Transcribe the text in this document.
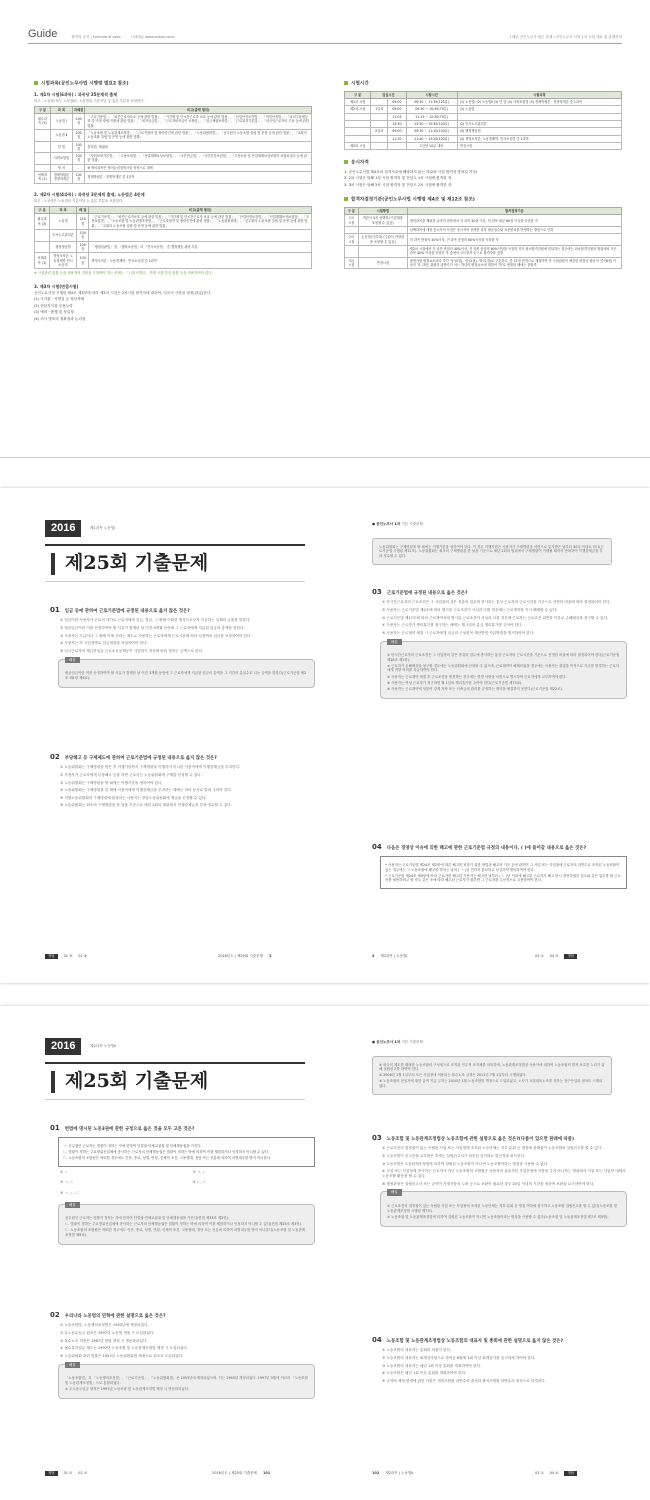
Guide	합격의 공식 | Formula of pass	시대에듀 www.sdedu.co.kr	I 매년 공인노무사 최근 출제 I 공인노무사 시험 1차 시험 개요 및 출제경향
시험과목(공인노무사법 시행령 별표2 참조)
1. 제1차 시험(6과목) : 과목당 25문제씩 출제
비고 : 노동법Ⅰ 또는 노동법Ⅱ는 노동법의 기본이념 등 총론 부분을 포함한다.
구 분	과 목	과배점	비고(출제 범위)
필수과목 (5)	노동법 Ⅰ	100점	「근로기준법」, 「파견근로자보호 등에 관한 법률」, 「기간제 및 단시간근로자 보호 등에 관한 법률」, 「산업안전보건법」, 「직업안정법」, 「남녀고용평등과 일·가정 양립 지원에 관한 법률」, 「최저임금법」, 「근로자퇴직급여 보장법」, 「임금채권보장법」, 「근로복지기본법」, 「외국인근로자의 고용 등에 관한 법률」
	노동법 Ⅱ	100점	「노동조합 및 노동관계조정법」, 「근로자참여 및 협력증진에 관한 법률」, 「노동위원회법」, 「공무원의 노동조합 설립 및 운영 등에 관한 법률」, 「교원의 노동조합 설립 및 운영 등에 관한 법률」
	민 법	100점	총칙편, 채권편
	사회보험법	100점	「사회보장기본법」, 「고용보험법」, 「산업재해보상보험법」, 「국민연금법」, 「국민건강보험법」, 「고용보험 및 산업재해보상보험의 보험료징수 등에 관한 법률」
	영 어	-	※ 영어과목은 영어능력검정시험 성적으로 대체
선택과목 (1)	경제학원론 경영학개론	100점	경제학원론 · 경영학개론 중 1과목
2. 제2차 시험(4과목) : 과목당 3문제씩 출제, 노동법은 4문제
비고 : 노동법은 노동법의 기본이념 등 총론 부분을 포함한다.
구 분	과 목	배 점	비고(출제 범위)
필수과목 (3)	노동법	150점	「근로기준법」, 「파견근로자보호 등에 관한 법률」, 「기간제 및 단시간근로자 보호 등에 관한 법률」, 「산업안전보건법」, 「산업재해보상보험법」, 「고용보험법」, 「노동조합 및 노동관계조정법」, 「근로자참여 및 협력증진에 관한 법률」, 「노동위원회법」, 「공무원의 노동조합 설립 및 운영 등에 관한 법률」, 「교원의 노동조합 설립 및 운영 등에 관한 법률」
	인사노무관리론	100점	
	행정쟁송법	100점	「행정심판법」 및 「행정소송법」과 「민사소송법」 중 행정쟁송 관련 부분
선택과목 (1)	경영조직론 노동경제학 민사소송법	100점	경영조직론 · 노동경제학 · 민사소송법 중 1과목
※ 시험관련 법률 등을 적용하여 정답을 구하여야 하는 문제는 「시험시행일」 현재 시행 중인 법률 등을 적용하여야 한다.
3. 제3차 시험(면접시험)
공인노무사법 시행령 제4조 제3항에 따라 제3차 시험은 2차시험 합격자에 대하여, 다음의 사항을 평정(評定)한다.
(1) 국가관 · 사명감 등 정신자세
(2) 전문지식과 응용능력
(3) 예의 · 품행 및 성실성
(4) 의사 발표의 정확성과 논리성
시험시간
구 분	입실시간		시험시간	시험과목
제1차 시험		09:00	09:30 ~ 11:35(125분)	(1) 노동법Ⅰ (2) 노동법Ⅱ (3) 민 법 (4) 사회보험법 (5) 경제학원론 · 경영학개론 중 1과목
제2차 시험	1일차	09:00	09:30 ~ 10:45(75분)	(1) 노동법
		11:05	11:15 ~ 12:30(75분)	
		13:30	13:50 ~ 15:30(100분)	(2) 인사노무관리론
	2일차	09:00	09:30 ~ 11:10(100분)	(3) 행정쟁송법
		11:30	11:40 ~ 13:20(100분)	(4) 경영조직론, 노동경제학, 민사소송법 중 1과목
제3차 시험			1인당 10분 내외	면접시험
응시자격
1. 공인노무사법 제4조의 결격사유에 해당하지 않는 자(2차 시험 합격자 발표일 기준)
2. 2차 시험은 당해 1차 시험 합격자 및 전년도 1차 시험에 합격한 자
3. 3차 시험은 당해 2차 시험 합격자 및 전년도 2차 시험에 합격한 자
합격자결정기준(공인노무사법 시행령 제4조 및 제12조 참조)
구 분	시험방법	합격결정기준
1차 시험	객관식 5지 선택형 (기입형을 포함할 수 있음)	영어과목을 제외한 나머지 과목에서 각 과목 40점 이상, 전 과목 평균 60점 이상을 득점한 자
		선택과목에 대한 응시자의 득점은 응시자의 선택한 과목 평균점수와 표준편차를 반영하는 방법으로 산정
2차 시험	논문형(기록식) (주관식 단답형을 포함할 수 있음)	각 과목 만점의 40%이상, 전 과목 총점의 60%이상을 득점한 자
		제2차 시험에서 각 과목 만점의 40%이상, 전 과목 총점의 60%이상을 득점한 자가 최소합격인원에 미달하는 경우에는 최소합격인원의 범위에서 모든 과목 40% 이상을 득점한 자 중에서 고득점자 순으로 합격자를 결정
3차 시험	면접시험	평정사항 평정요소마다 각각 '상'(3점), '중'(2점), '하'(1점)로 구분하고, 총 12점 만점으로 채점하여 각 시험위원이 채점한 평점의 평균이 '중'(8점) 이상인 자. 다만, 위원의 과반수가 어느 하나의 평정요소에 대하여 '하'로 평정한 때에는 불합격
2016	제1과목 노동법Ⅰ
제25회 기출문제
01 임금 등에 관하여 근로기준법에 규정된 내용으로 옳지 않은 것은?
① 임금이란 사용자가 근로의 대가로 근로자에게 임금, 봉급, 그 밖에 어떠한 명칭으로든지 지급하는 일체의 금품을 말한다.
② 평균임금이란 이를 산정하여야 할 사유가 발생한 날 이전 3개월 동안에 그 근로자에게 지급된 임금의 총액을 말한다.
③ 사용자는 도급이나 그 밖에 이에 준하는 제도로 사용하는 근로자에게 근로시간에 따라 일정액의 임금을 보장하여야 한다.
④ 사용자는 각 사업장별로 임금대장을 작성하여야 한다.
⑤ 임금근로자의 재금한임금 근로소득공제등이 사업하기 적정에 따라 정하는 금액으로 한다.
해설
평균임금이란 이를 산정하여야 할 사유가 발생한 날 이전 3개월 동안에 그 근로자에게 지급된 임금의 총액을 그 기간의 총일수로 나눈 금액을 말한다(근로기준법 제2조 제1항 제6호).
02 부당해고 등 구제제도에 관하여 근로기준법에 규정된 내용으로 옳지 않은 것은?
① 노동위원회는 구제명령을 받은 후 이행기한까지 구제명령을 이행하지 아니한 사용자에게 이행강제금을 부과한다.
② 사용자가 근로자에게 부당해고 등을 하면 근로자는 노동위원회에 구제를 신청할 수 있다.
③ 노동위원회는 구제명령을 할 때에는 이행기한을 정하여야 한다.
④ 노동위원회는 구제명령을 한 때에 사용자에게 이행강제금을 부과하는 때에는 미리 문서로 알려 주어야 한다.
⑤ 지방노동위원회의 구제명령에 불복하는 사용자는 중앙노동위원회에 재심을 신청할 수 있다.
⑥ 노동위원회는 최초의 구제명령을 한 날을 기준으로 매년 2회의 범위에서 이행강제금을 부과·징수할 수 있다.
정답	01 ⑤ 02 ⑥	2016년도 | 제25회 기출문제 3
● 공인노무사 1차 기본 기출문제
노동위원회는 구제명령을 할 때에는 이행기한을 정하여야 한다. 이 경우 이행기한은 사용자가 구제명령을 서면으로 통지받은 날부터 30일 이내로 한다(근로기준법 시행령 제11조). 노동위원회는 최초의 구제명령을 한 날을 기준으로 매년 2회의 범위에서 구제명령이 이행될 때까지 반복하여 이행강제금을 부과·징수할 수 있다.
03 근로기준법에 규정된 내용으로 옳은 것은?
① 단시간근로자의 근로조건은 그 사업장의 같은 종류의 업무에 종사하는 통상 근로자의 근로시간을 기준으로 산정한 비율에 따라 결정되어야 한다.
② 사용자는 근로기준법 제2조에 따라 명시된 근로조건이 사실과 다를 경우에는 근로계약을 즉시 해제할 수 있다.
③ 근로기준법 제17조에 따라 근로계약서에 명시된 근로조건이 사실과 다를 경우에 근로자는 근로조건 위반을 이유로 손해배상을 청구할 수 있다.
④ 사용자는 근로자가 생리휴가를 청구하는 때에는 월 1일의 유급 생리휴가를 주어야 한다.
⑤ 사용자는 근로계약 체결 시 근로자에게 임금의 구성항목·계산방법·지급방법을 명시하여야 한다.
해설
① 단시간근로자의 근로조건은 그 사업장의 같은 종류의 업무에 종사하는 통상 근로자의 근로시간을 기준으로 산정한 비율에 따라 결정되어야 한다(근로기준법 제18조 제1항).
② 근로자가 손해배상을 청구할 경우에는 노동위원회에 신청할 수 있으며, 근로계약이 해제되었을 경우에는 사용자는 취업을 목적으로 거주를 변경하는 근로자에게 귀향 여비를 지급하여야 한다.
③ 사용자는 근로계약 체결 후 근로조건을 변경하는 경우에는 변경 사항을 서면으로 명시하여 근로자에게 교부하여야 한다.
④ 사용자는 여성 근로자가 청구하면 월 1일의 생리휴가를 주어야 한다(근로기준법 제73조).
⑤ 사용자는 근로계약에 덧붙여 강제 저축 또는 저축금의 관리를 규정하는 계약을 체결하지 못한다(근로기준법 제22조).
04 다음은 경영상 이유에 의한 해고에 관한 근로기준법 규정의 내용이다. ( )에 들어갈 내용으로 옳은 것은?
• 사용자는 근로기준법 제24조 제2항에 따른 해고를 피하기 위한 방법과 해고의 기준 등에 관하여 그 사업 또는 사업장에 근로자의 과반수로 조직된 노동조합이 있는 경우에는 그 노동조합에 해고를 하려는 날의 ( ㄱ )일 전까지 통보하고 성실하게 협의하여야 한다.
• 근로기준법 제24조 제4항에 따라 근로자를 해고한 사용자는 해고한 날부터 ( ㄴ )년 이내에 해고된 근로자가 해고 당시 담당하였던 업무와 같은 업무를 할 근로자를 채용하려고 할 경우 같은 조에 따라 해고된 근로자가 원하면 그 근로자를 우선적으로 고용하여야 한다.
4 제1과목 | 노동법Ⅰ	03 ① 04 ⑤	정답
2016	제2과목 노동법Ⅱ
제25회 기출문제
01 헌법에 명시된 노동3권에 관한 규정으로 옳은 것을 모두 고른 것은?
ㄱ. 공무원인 근로자는 법률이 정하는 자에 한하여 단결권·단체교섭권 및 단체행동권을 가진다.
ㄴ. 법률이 정하는 주요방위산업체에 종사하는 근로자의 단체행동권은 법률이 정하는 바에 의하여 이를 제한하거나 인정하지 아니할 수 있다.
ㄷ. 노동조합의 조합원은 어떠한 경우에도 인종, 종교, 성별, 연령, 신체적 조건, 고용형태, 정당 또는 신분에 의하여 차별대우를 받지 아니한다.
① ㄱ	② ㄱ, ㄴ
③ ㄱ, ㄷ	④ ㄴ, ㄷ
⑤ ㄱ, ㄴ, ㄷ
해설
공무원인 근로자는 법률이 정하는 자에 한하여 단결권·단체교섭권 및 단체행동권을 가진다(헌법 제33조 제2항).
ㄴ. 법률이 정하는 주요방위산업체에 종사하는 근로자의 단체행동권은 법률이 정하는 바에 의하여 이를 제한하거나 인정하지 아니할 수 있다(헌법 제33조 제3항).
ㄷ. 노동조합의 조합원은 어떠한 경우에도 인종, 종교, 성별, 연령, 신체적 조건, 고용형태, 정당 또는 신분에 의하여 차별대우를 받지 아니한다(노동조합 및 노동관계조정법 제9조).
02 우리나라 노동법의 연혁에 관한 설명으로 옳은 것은?
① 노동조합법, 노동쟁의조정법은 1953년에 제정되었다.
② 무노동무임금 원칙은 1997년 노동법 개정 시 도입되었다.
③ 복수노조 허용은 1987년 헌법 개정 시 명문화되었다.
④ 필수유지업무 제도는 1997년 노동조합 및 노동관계조정법 제정 시 도입되었다.
⑤ 노동위원회 관련 법률은 1953년 노동위원회법 제정으로 최초로 도입되었다.
해설
「노동조합법」과 「노동쟁의조정법」, 「근로기준법」, 「노동위원회법」은 1953년에 제정되었으며, 이는 1963년 개정되었다. 1997년 3월에 이르러 「노동조합 및 노동관계조정법」으로 통합되었다.
② 무노동무임금 원칙은 1997년 노동조합 및 노동관계조정법 제정 시 명문화되었다.
정답	01 ① 02 ①	2016년도 | 제25회 기출문제 101
● 공인노무사 1차 기본 기출문제
③ 외국의 제도를 제외한 노동조합의 구성원으로 조직된 민주적 조직체를 의미하며, 노동관계조정법상 사용자에 대하여 노동조합의 법적 보호를 누리기 위해 설립신고를 하여야 한다.
④ 2006년 1월 1일부터 모든 사업장에 적용되는 복수노조 규정은 2011년 7월 1일부터 시행되었다.
⑤ 노동조합의 전임자에 대한 급여 지급 금지는 2010년 1월 노동조합법 개정으로 도입되었고, 노사가 교섭대표노조를 정하는 창구단일화 절차도 시행되었다.
03 노동조합 및 노동관계조정법상 노동조합에 관한 설명으로 옳은 것은?(다툼이 있으면 판례에 따름)
① 근로조건의 결정권이 없는 독립된 사업 또는 사업장에 조직된 노동단체는 지부·분회 등 명칭에 관계없이 노동조합의 설립신고를 할 수 있다.
② 노동조합이 신고증을 교부받은 후에는 설립신고서가 잘못된 것이라도 법인격을 취득한다.
③ 노동조합은 노동관계조정법에 의하여 설립된 노동조합이 아니면 노동조합이라는 명칭을 사용할 수 없다.
④ 사업 또는 사업장에 종사하는 근로자가 아닌 노동조합의 조합원은 사용자의 효율적인 사업운영에 지장을 주지 아니하는 범위에서 사업 또는 사업장 내에서 노동조합 활동을 할 수 있다.
⑤ 행정관청은 설립신고서 또는 규약이 기재사항의 누락 등으로 보완이 필요한 경우 20일 이내의 기간을 정하여 보완을 요구하여야 한다.
해설
① 근로조건의 결정권이 있는 독립된 사업 또는 사업장에 조직된 노동단체는 지부·분회 등 명칭 여하에 불구하고 노동조합 설립신고를 할 수 있다(노동조합 및 노동관계조정법 시행령 제7조).
③ 노동조합 및 노동관계조정법에 의하여 설립된 노동조합이 아니면 노동조합이라는 명칭을 사용할 수 없다(노동조합 및 노동관계조정법 제7조 제3항).
04 노동조합 및 노동관계조정법상 노동조합의 대표자 및 총회에 관한 설명으로 옳지 않은 것은?
① 노동조합의 대표자는 총회의 의장이 된다.
② 노동조합의 대표자는 회계감사원으로 하여금 6월에 1회 이상 회계감사를 실시하게 하여야 한다.
③ 노동조합의 대표자는 매년 1회 이상 총회를 개최하여야 한다.
④ 노동조합은 매년 1회 이상 총회를 개최하여야 한다.
⑤ 규약의 제정·변경에 관한 사항은 재적조합원 과반수의 출석과 출석조합원 과반수의 찬성으로 의결한다.
102 제2과목 | 노동법Ⅱ	03 ① 04 ④	정답
